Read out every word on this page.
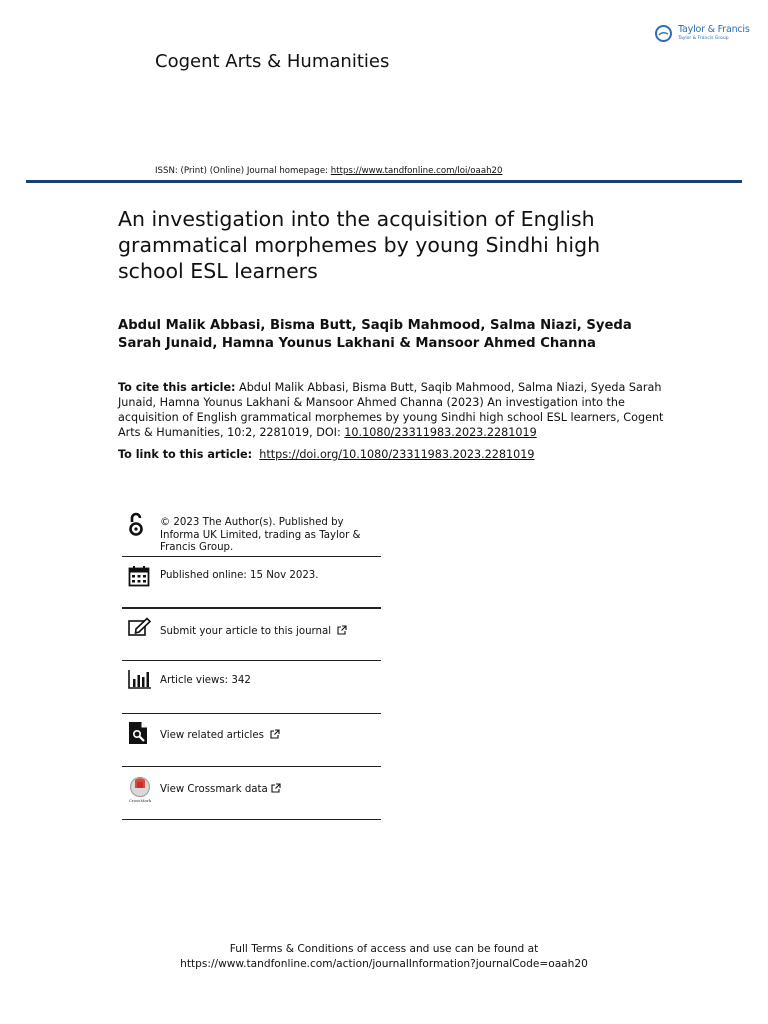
Cogent Arts & Humanities
Taylor & Francis
Taylor & Francis Group
ISSN: (Print) (Online) Journal homepage: https://www.tandfonline.com/loi/oaah20
An investigation into the acquisition of English grammatical morphemes by young Sindhi high school ESL learners
Abdul Malik Abbasi, Bisma Butt, Saqib Mahmood, Salma Niazi, Syeda Sarah Junaid, Hamna Younus Lakhani & Mansoor Ahmed Channa
To cite this article: Abdul Malik Abbasi, Bisma Butt, Saqib Mahmood, Salma Niazi, Syeda Sarah Junaid, Hamna Younus Lakhani & Mansoor Ahmed Channa (2023) An investigation into the acquisition of English grammatical morphemes by young Sindhi high school ESL learners, Cogent Arts & Humanities, 10:2, 2281019, DOI: 10.1080/23311983.2023.2281019
To link to this article: https://doi.org/10.1080/23311983.2023.2281019
© 2023 The Author(s). Published by Informa UK Limited, trading as Taylor & Francis Group.
Published online: 15 Nov 2023.
Submit your article to this journal
Article views: 342
View related articles
CrossMark
View Crossmark data
Full Terms & Conditions of access and use can be found at
https://www.tandfonline.com/action/journalInformation?journalCode=oaah20
